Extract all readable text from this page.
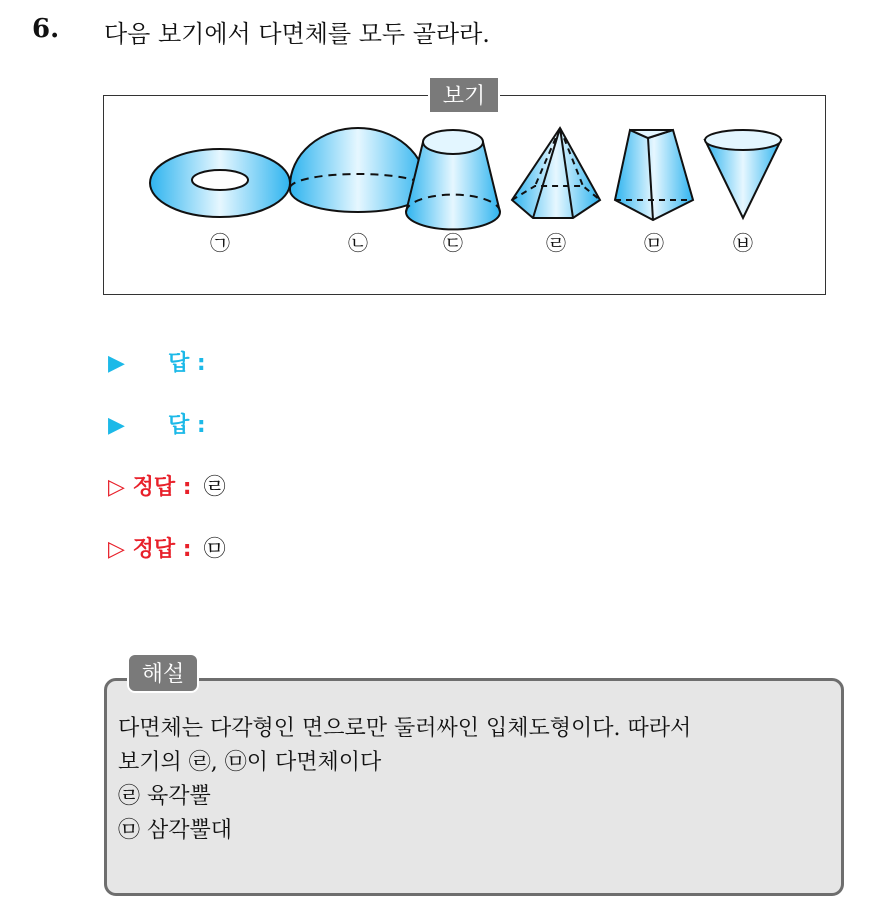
6. 다음 보기에서 다면체를 모두 골라라.
보기
㉠	㉡	㉢	㉣	㉤	㉥
▶ 답 :
▶ 답 :
▷ 정답 : ㉣
▷ 정답 : ㉤
해설
다면체는 다각형인 면으로만 둘러싸인 입체도형이다. 따라서
보기의 ㉣, ㉤이 다면체이다
㉣ 육각뿔
㉤ 삼각뿔대
